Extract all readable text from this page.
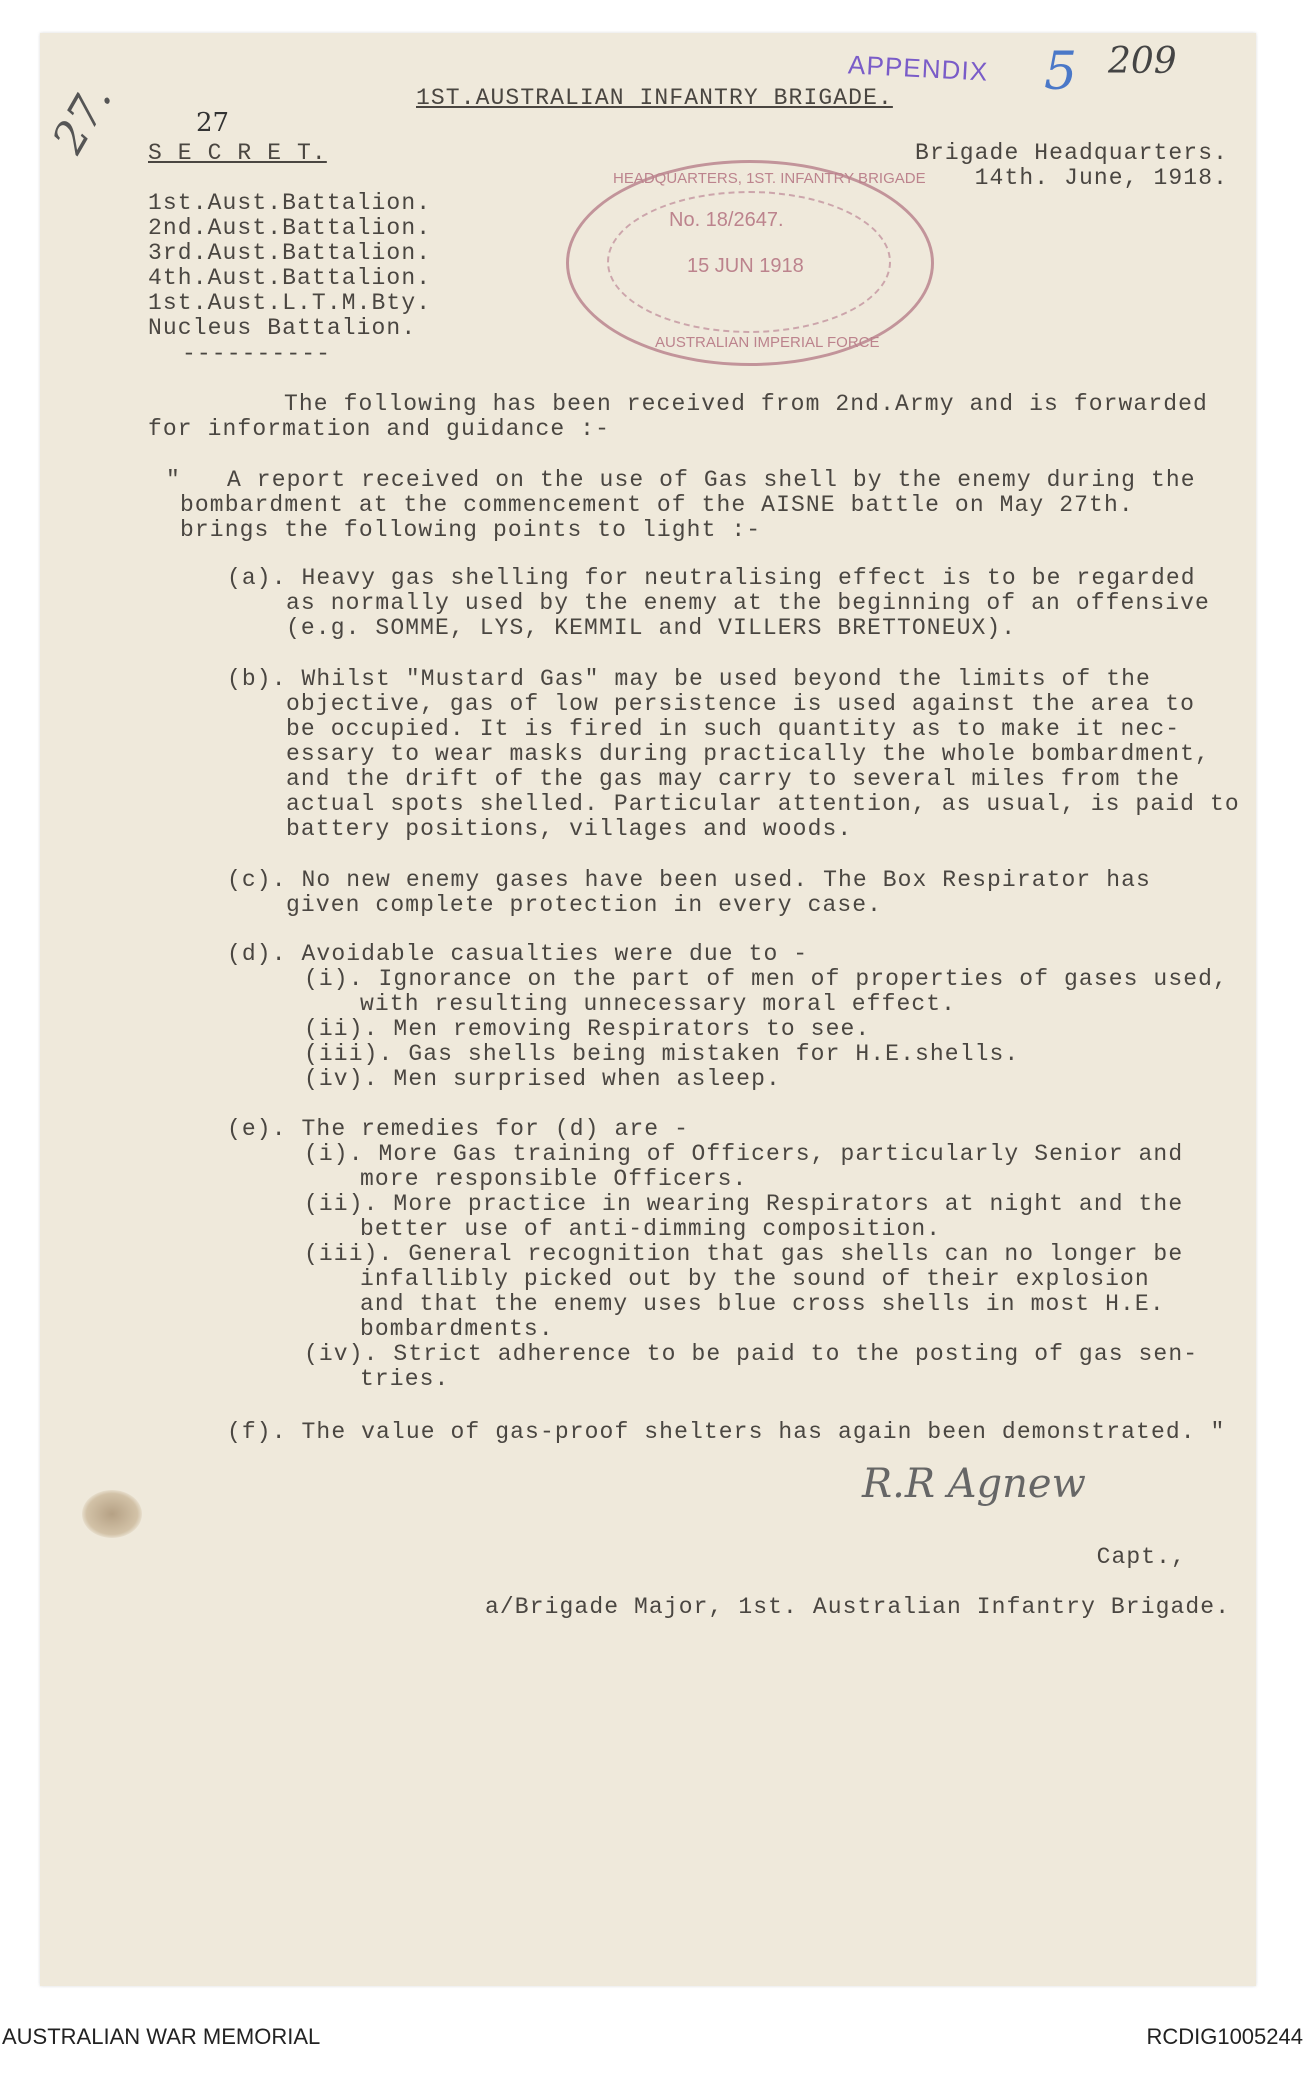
27.	27
APPENDIX 5 209
1ST.AUSTRALIAN INFANTRY BRIGADE.
S E C R E T.	Brigade Headquarters.
14th. June, 1918.
1st.Aust.Battalion.
2nd.Aust.Battalion.
3rd.Aust.Battalion.
4th.Aust.Battalion.
1st.Aust.L.T.M.Bty.
Nucleus Battalion.
----------
HEADQUARTERS, 1ST. INFANTRY BRIGADE
No. 18/2647.
15 JUN 1918
AUSTRALIAN IMPERIAL FORCE
The following has been received from 2nd.Army and is forwarded
for information and guidance :-
" A report received on the use of Gas shell by the enemy during the
bombardment at the commencement of the AISNE battle on May 27th.
brings the following points to light :-
(a). Heavy gas shelling for neutralising effect is to be regarded
as normally used by the enemy at the beginning of an offensive
(e.g. SOMME, LYS, KEMMIL and VILLERS BRETTONEUX).
(b). Whilst "Mustard Gas" may be used beyond the limits of the
objective, gas of low persistence is used against the area to
be occupied. It is fired in such quantity as to make it nec-
essary to wear masks during practically the whole bombardment,
and the drift of the gas may carry to several miles from the
actual spots shelled. Particular attention, as usual, is paid to
battery positions, villages and woods.
(c). No new enemy gases have been used. The Box Respirator has
given complete protection in every case.
(d). Avoidable casualties were due to -
(i). Ignorance on the part of men of properties of gases used,
with resulting unnecessary moral effect.
(ii). Men removing Respirators to see.
(iii). Gas shells being mistaken for H.E.shells.
(iv). Men surprised when asleep.
(e). The remedies for (d) are -
(i). More Gas training of Officers, particularly Senior and
more responsible Officers.
(ii). More practice in wearing Respirators at night and the
better use of anti-dimming composition.
(iii). General recognition that gas shells can no longer be
infallibly picked out by the sound of their explosion
and that the enemy uses blue cross shells in most H.E.
bombardments.
(iv). Strict adherence to be paid to the posting of gas sen-
tries.
(f). The value of gas-proof shelters has again been demonstrated. "
R.R Agnew
Capt.,
a/Brigade Major, 1st. Australian Infantry Brigade.
AUSTRALIAN WAR MEMORIAL	RCDIG1005244
